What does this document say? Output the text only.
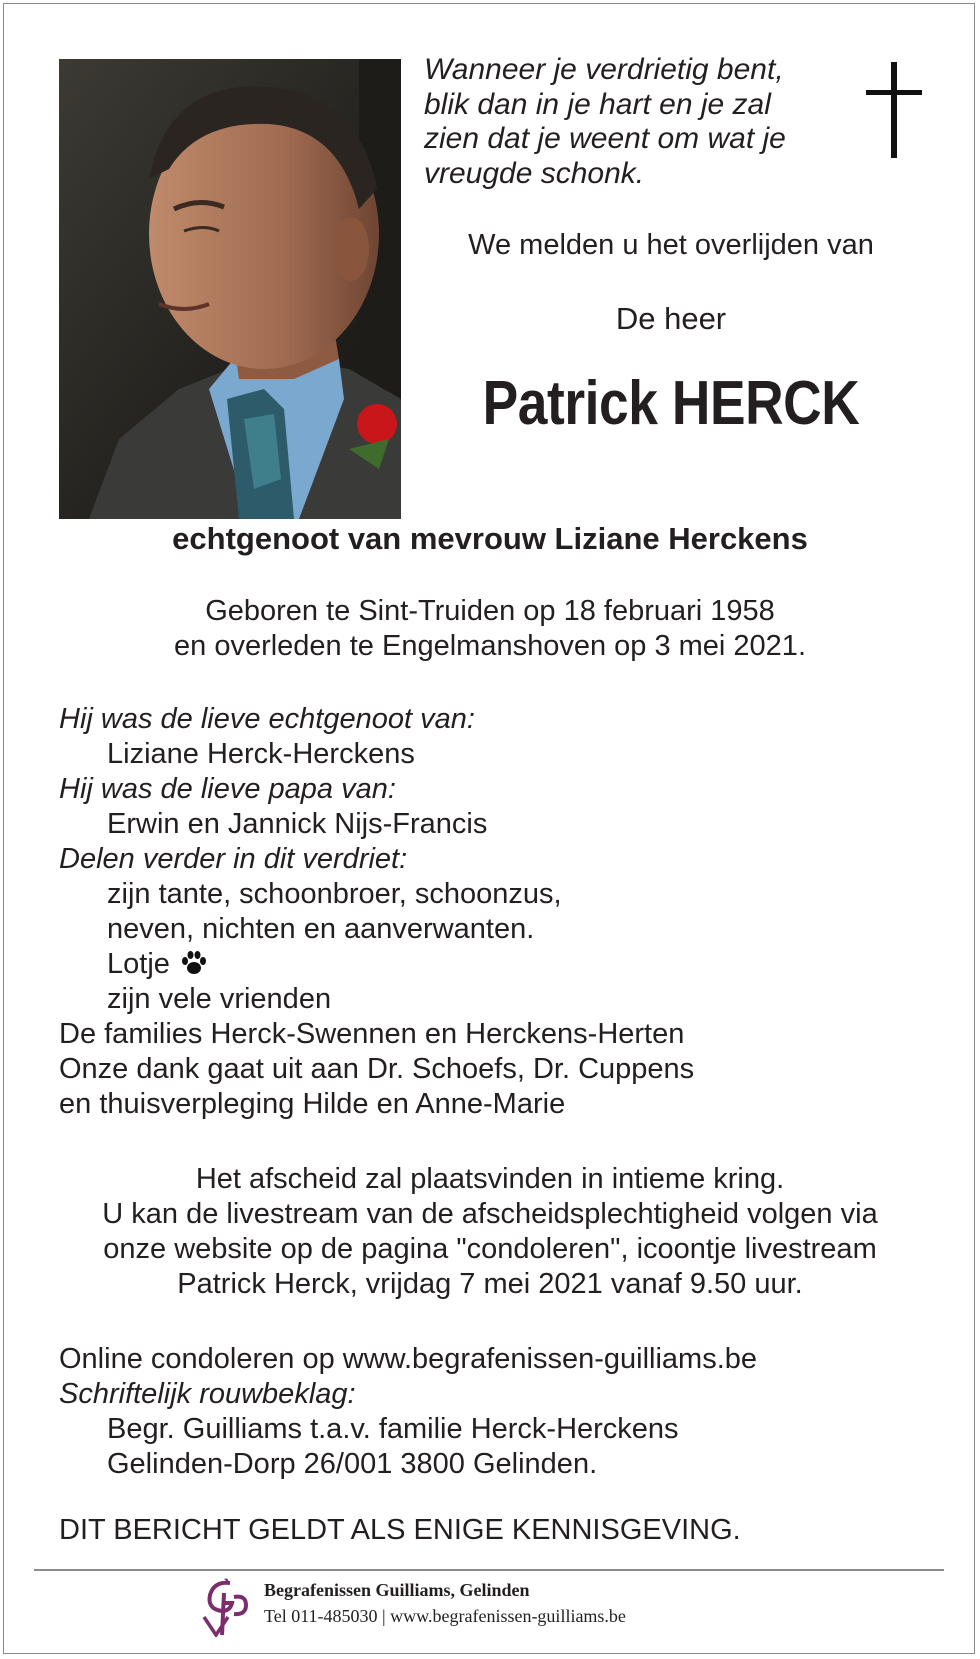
Wanneer je verdrietig bent,
blik dan in je hart en je zal
zien dat je weent om wat je
vreugde schonk.
We melden u het overlijden van
De heer
Patrick HERCK
echtgenoot van mevrouw Liziane Herckens
Geboren te Sint-Truiden op 18 februari 1958
en overleden te Engelmanshoven op 3 mei 2021.
Hij was de lieve echtgenoot van:
Liziane Herck-Herckens
Hij was de lieve papa van:
Erwin en Jannick Nijs-Francis
Delen verder in dit verdriet:
zijn tante, schoonbroer, schoonzus,
neven, nichten en aanverwanten.
Lotje
zijn vele vrienden
De families Herck-Swennen en Herckens-Herten
Onze dank gaat uit aan Dr. Schoefs, Dr. Cuppens
en thuisverpleging Hilde en Anne-Marie
Het afscheid zal plaatsvinden in intieme kring.
U kan de livestream van de afscheidsplechtigheid volgen via
onze website op de pagina "condoleren", icoontje livestream
Patrick Herck, vrijdag 7 mei 2021 vanaf 9.50 uur.
Online condoleren op www.begrafenissen-guilliams.be
Schriftelijk rouwbeklag:
Begr. Guilliams t.a.v. familie Herck-Herckens
Gelinden-Dorp 26/001 3800 Gelinden.
DIT BERICHT GELDT ALS ENIGE KENNISGEVING.
Begrafenissen Guilliams, Gelinden
Tel 011-485030 | www.begrafenissen-guilliams.be
